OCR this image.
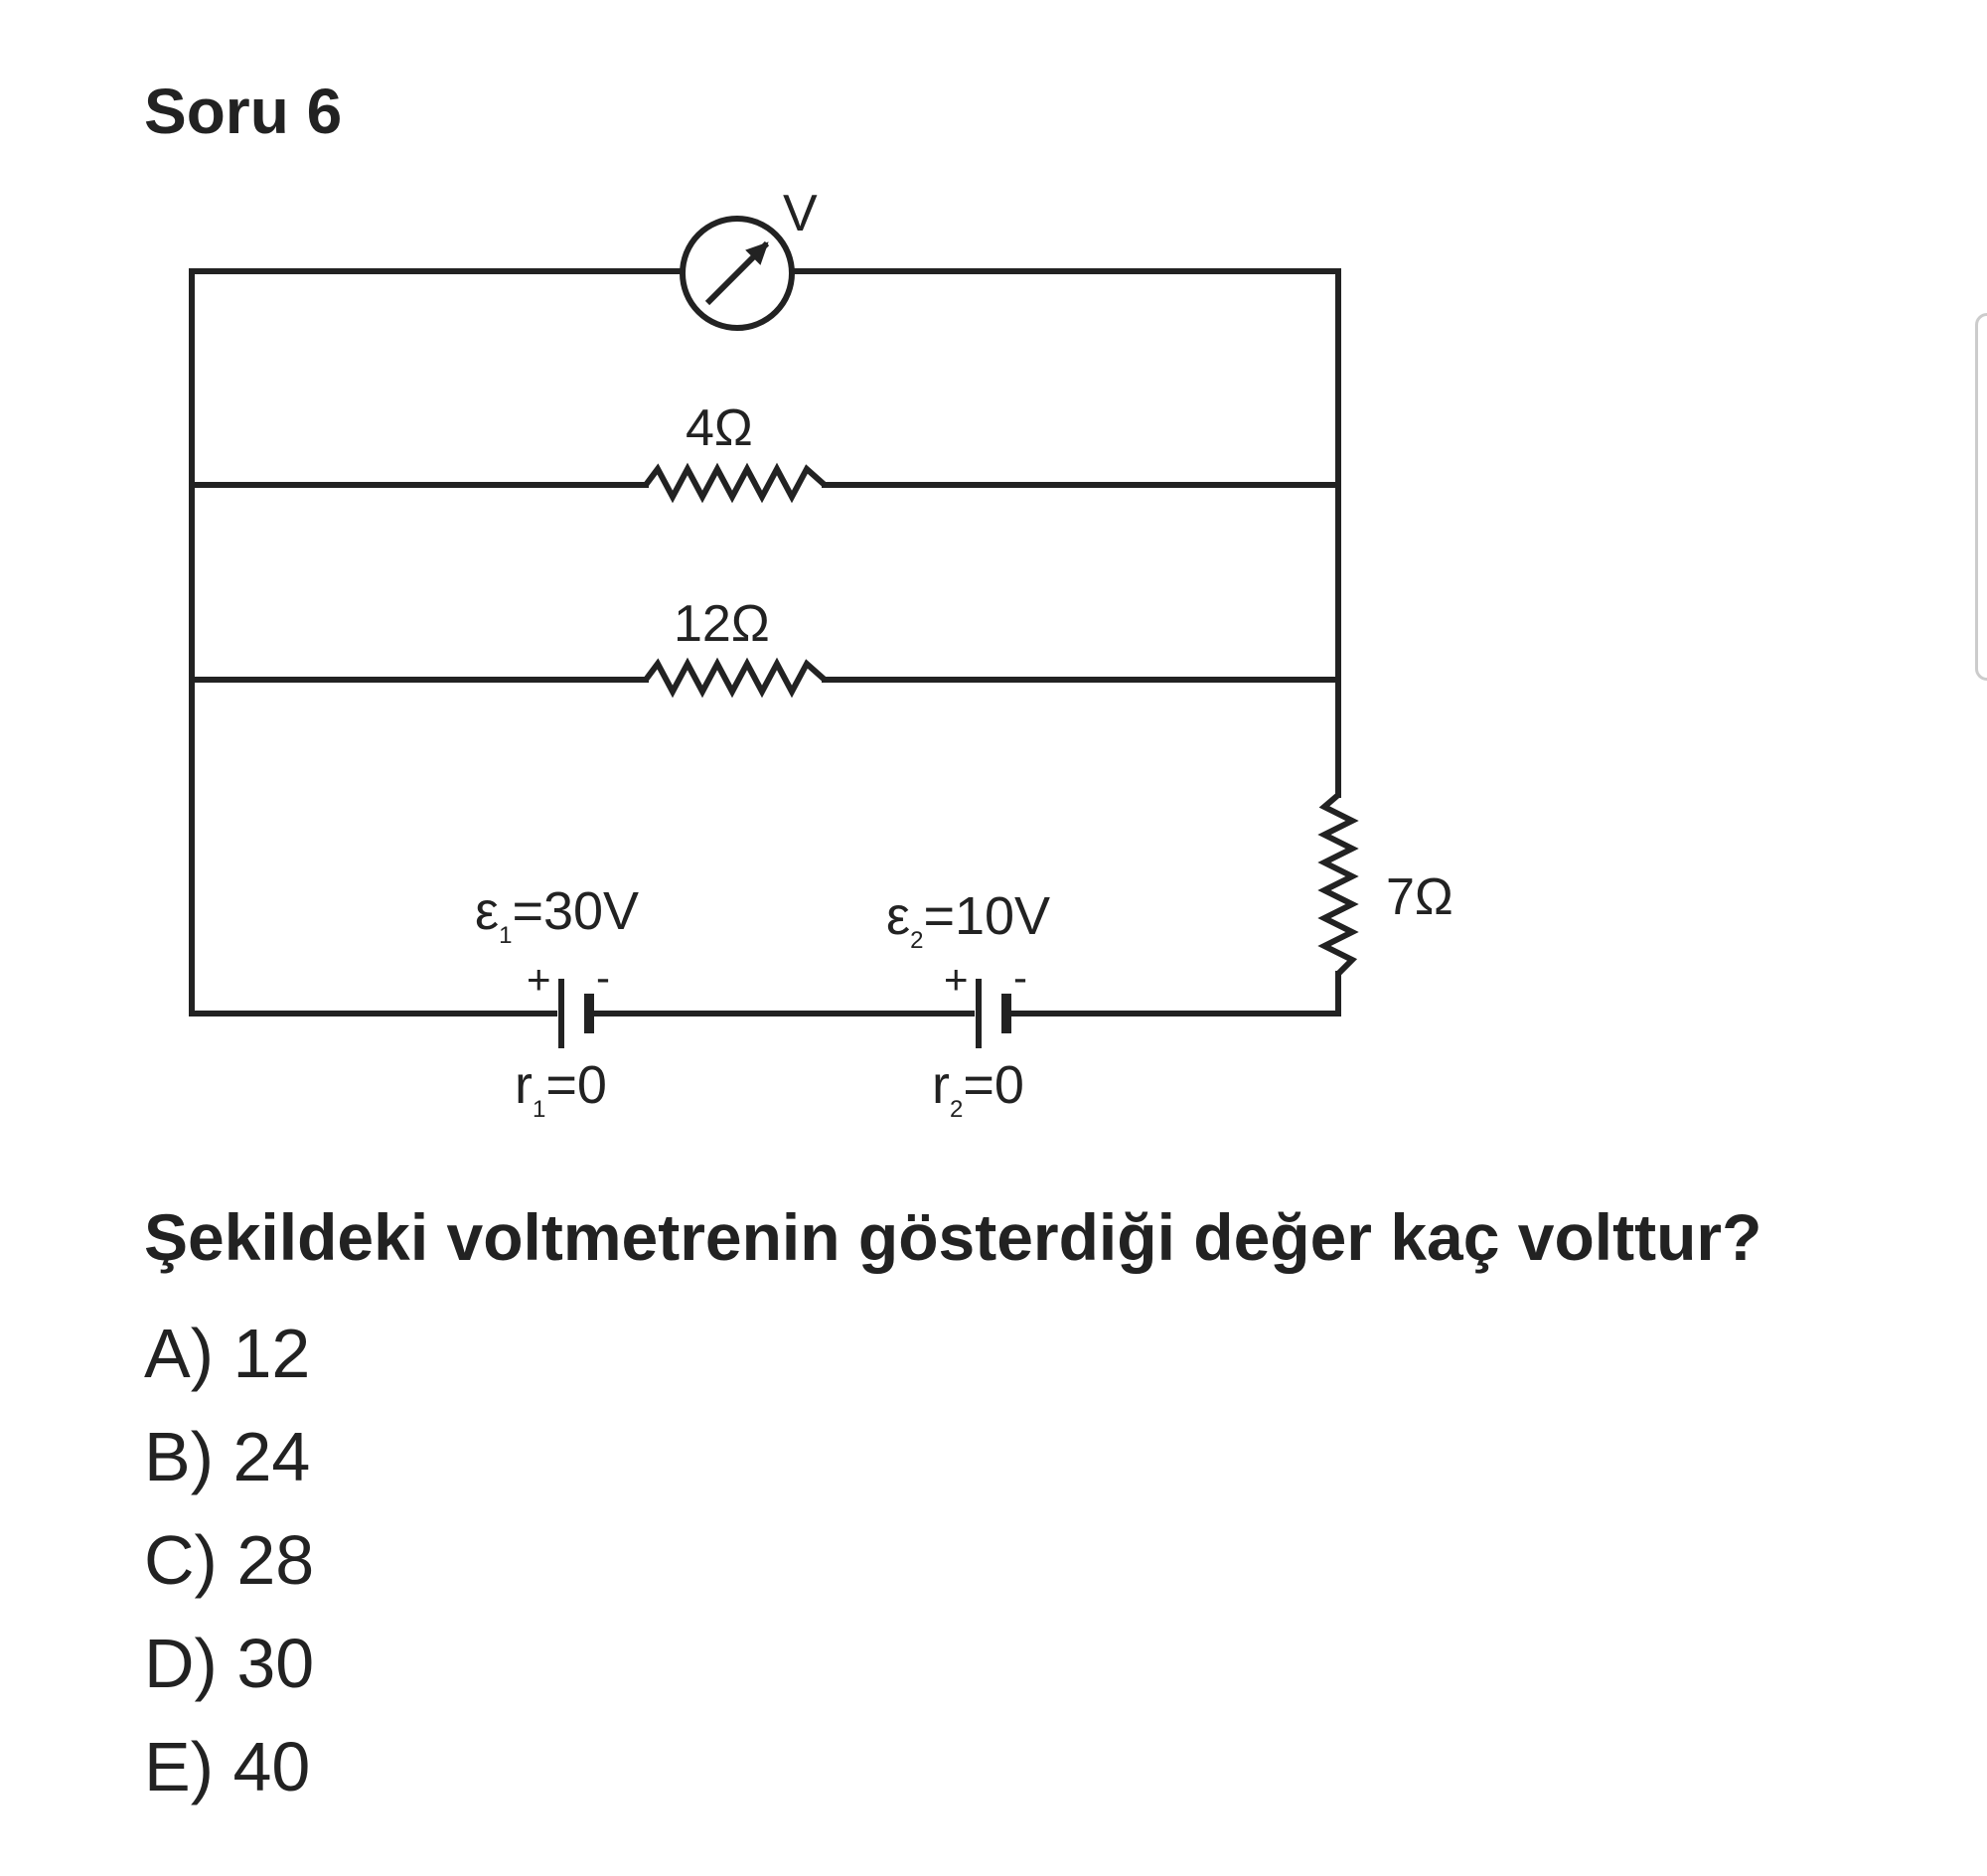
Soru 6
V
4Ω
12Ω
7Ω
+ -
$\varepsilon_1=30V$
$r_1=0$
+ -
$\varepsilon_2=10V$
$r_2=0$

Şekildeki voltmetrenin gösterdiği değer kaç volttur?

A) 12
B) 24
C) 28
D) 30
E) 40
